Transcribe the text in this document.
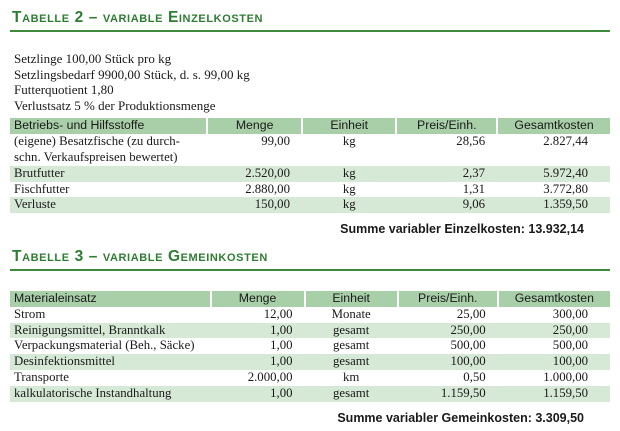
Tabelle 2 – variable Einzelkosten
Setzlinge 100,00 Stück pro kg
Setzlingsbedarf 9900,00 Stück, d. s. 99,00 kg
Futterquotient 1,80
Verlustsatz 5 % der Produktionsmenge
Betriebs- und Hilfsstoffe	Menge	Einheit	Preis/Einh.	Gesamtkosten

(eigene) Besatzfische (zu durch-
schn. Verkaufspreisen bewertet)	99,00	kg	28,56	2.827,44
Brutfutter	2.520,00	kg	2,37	5.972,40
Fischfutter	2.880,00	kg	1,31	3.772,80
Verluste	150,00	kg	9,06	1.359,50
Summe variabler Einzelkosten: 13.932,14
Tabelle 3 – variable Gemeinkosten
Materialeinsatz	Menge	Einheit	Preis/Einh.	Gesamtkosten
Strom	12,00	Monate	25,00	300,00
Reinigungsmittel, Branntkalk	1,00	gesamt	250,00	250,00
Verpackungsmaterial (Beh., Säcke)	1,00	gesamt	500,00	500,00
Desinfektionsmittel	1,00	gesamt	100,00	100,00
Transporte	2.000,00	km	0,50	1.000,00
kalkulatorische Instandhaltung	1,00	gesamt	1.159,50	1.159,50
Summe variabler Gemeinkosten: 3.309,50
